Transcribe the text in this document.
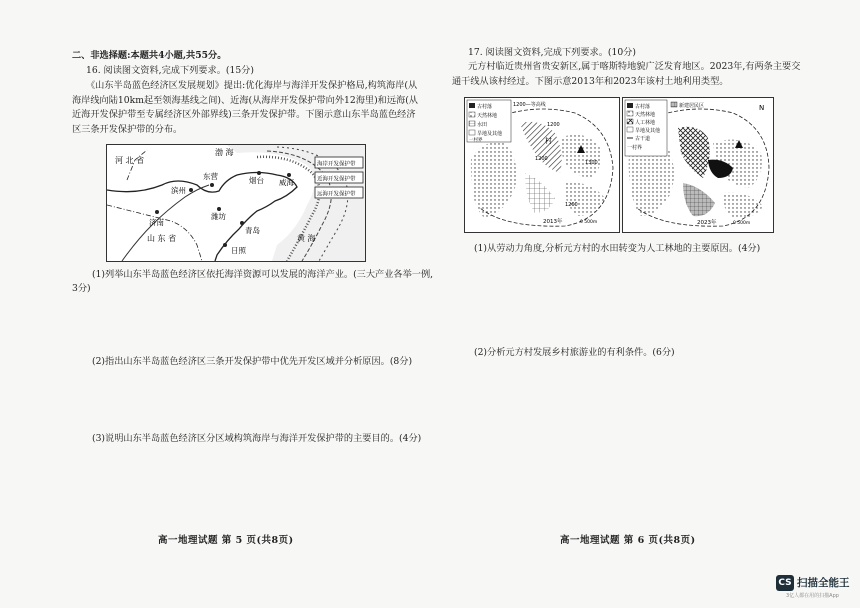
二、非选择题:本题共4小题,共55分。
16. 阅读图文资料,完成下列要求。(15分)
《山东半岛蓝色经济区发展规划》提出:优化海岸与海洋开发保护格局,构筑海岸(从海岸线向陆10km起至领海基线之间)、近海(从海岸开发保护带向外12海里)和远海(从近海开发保护带至专属经济区外部界线)三条开发保护带。下图示意山东半岛蓝色经济区三条开发保护带的分布。
河 北 省
渤 海
滨州
东营	烟台 威海
济南
潍坊
山 东 省
日照
青岛
黄 海
海岸开发保护带
近海开发保护带
远海开发保护带
(1)列举山东半岛蓝色经济区依托海洋资源可以发展的海洋产业。(三大产业各举一例,
3分)
(2)指出山东半岛蓝色经济区三条开发保护带中优先开发区域并分析原因。(8分)
(3)说明山东半岛蓝色经济区分区域构筑海岸与海洋开发保护带的主要目的。(4分)
高一地理试题 第 5 页(共8页)
17. 阅读图文资料,完成下列要求。(10分)
元方村临近贵州省贵安新区,属于喀斯特地貌广泛发育地区。2023年,有两条主要交通干线从该村经过。下图示意2013年和2023年该村土地利用类型。
古村落
天然林地
水田
旱地及其他
一村界
1200—等高线
1200
1200
1300
1260
村
2013年	0 500m
古村落
天然林地
人工林地
旱地及其他
古干道
一村界
新建居民区	N
2023年	0 500m
(1)从劳动力角度,分析元方村的水田转变为人工林地的主要原因。(4分)
(2)分析元方村发展乡村旅游业的有利条件。(6分)
高一地理试题 第 6 页(共8页)
CS 扫描全能王
3亿人都在用的扫描App
